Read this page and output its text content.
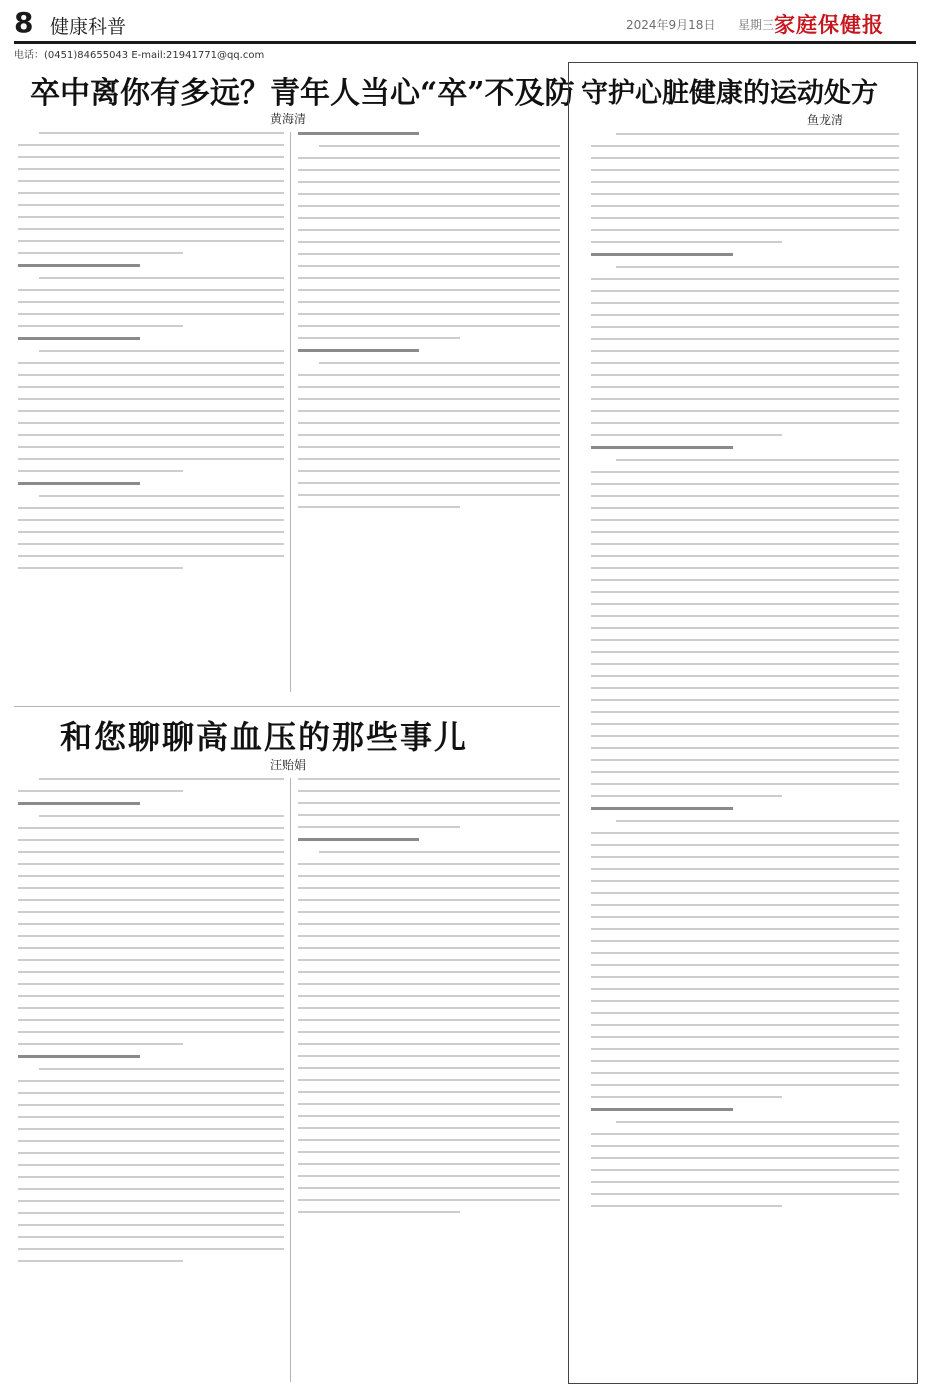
8 健康科普	2024年9月18日 星期三 家庭保健报
电话：(0451)84655043 E-mail:21941771@qq.com
卒中离你有多远？青年人当心“卒”不及防
黄海清
和您聊聊高血压的那些事儿
汪贻娟
守护心脏健康的运动处方
鱼龙清
